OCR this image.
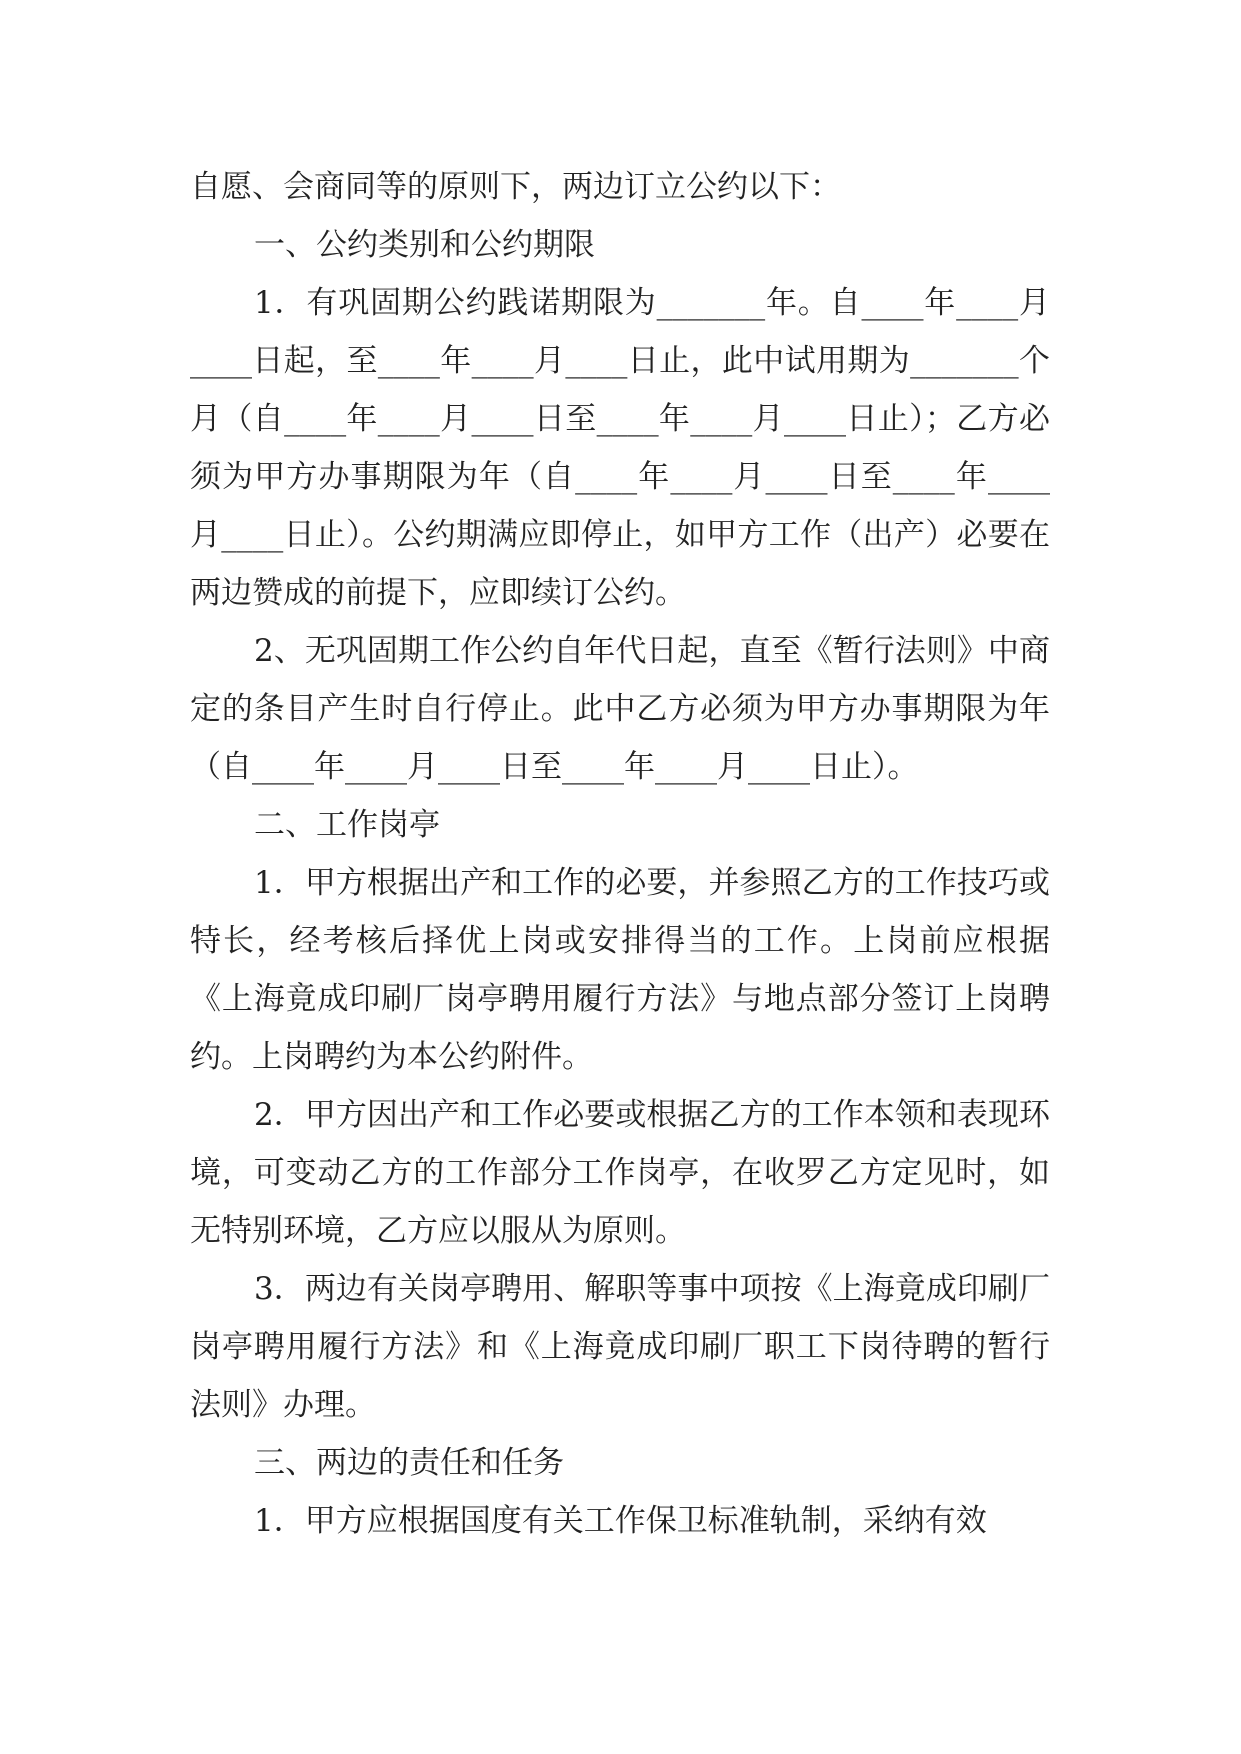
自愿、会商同等的原则下，两边订立公约以下：

一、公约类别和公约期限

1．有巩固期公约践诺期限为_______年。自____年____月____日起，至____年____月____日止，此中试用期为_______个月（自____年____月____日至____年____月____日止）；乙方必须为甲方办事期限为年（自____年____月____日至____年____月____日止）。公约期满应即停止，如甲方工作（出产）必要在两边赞成的前提下，应即续订公约。

2、无巩固期工作公约自年代日起，直至《暂行法则》中商定的条目产生时自行停止。此中乙方必须为甲方办事期限为年（自____年____月____日至____年____月____日止）。

二、工作岗亭

1．甲方根据出产和工作的必要，并参照乙方的工作技巧或特长，经考核后择优上岗或安排得当的工作。上岗前应根据《上海竟成印刷厂岗亭聘用履行方法》与地点部分签订上岗聘约。上岗聘约为本公约附件。

2．甲方因出产和工作必要或根据乙方的工作本领和表现环境，可变动乙方的工作部分工作岗亭，在收罗乙方定见时，如无特别环境，乙方应以服从为原则。

3．两边有关岗亭聘用、解职等事中项按《上海竟成印刷厂岗亭聘用履行方法》和《上海竟成印刷厂职工下岗待聘的暂行法则》办理。

三、两边的责任和任务

1．甲方应根据国度有关工作保卫标准轨制，采纳有效
